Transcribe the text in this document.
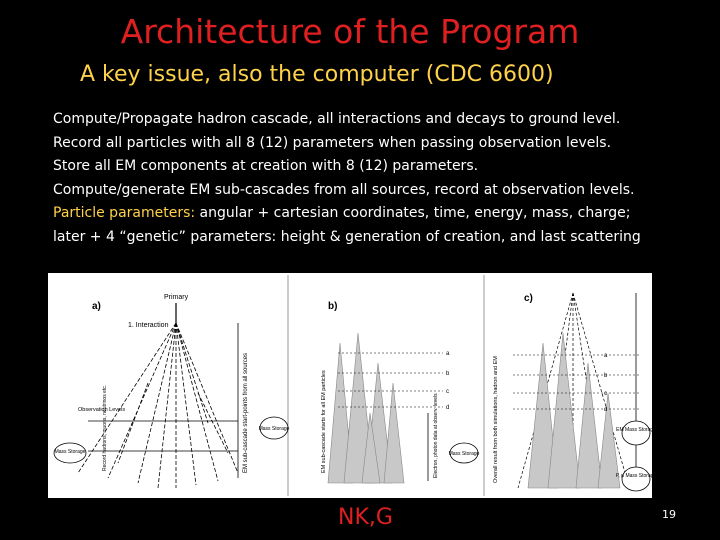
Architecture of the Program
A key issue, also the computer (CDC 6600)
Compute/Propagate hadron cascade, all interactions and decays to ground level.
Record all particles with all 8 (12) parameters when passing observation levels.
Store all EM components at creation with 8 (12) parameters.
Compute/generate EM sub-cascades from all sources, record at observation levels.
Particle parameters: angular + cartesian coordinates, time, energy, mass, charge;
later + 4 “genetic” parameters: height & generation of creation, and last scattering
a)
Primary
1. Interaction
Observation Levels	EM sub-cascade start-points from all sources
Record hadrons, muons, neutrinos etc.
Mass Storage
Mass Storage
b)
EM sub-cascade starts for all EM particles
a
b
c
d
Electron, photon data at observ. levels Mass Storage
c)
Overall result from both simulations, hadron and EM
a
b
c
d
EM Mass Storage
P, μ Mass Storage
NK,G	19
